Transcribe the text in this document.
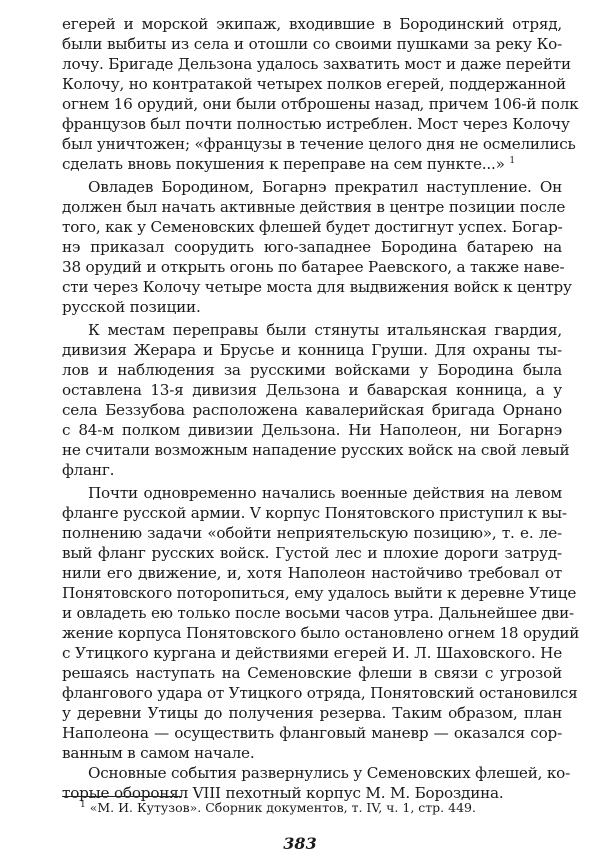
егерей и морской экипаж, входившие в Бородинский отряд,
были выбиты из села и отошли со своими пушками за реку Ко-
лочу. Бригаде Дельзона удалось захватить мост и даже перейти
Колочу, но контратакой четырех полков егерей, поддержанной
огнем 16 орудий, они были отброшены назад, причем 106-й полк
французов был почти полностью истреблен. Мост через Колочу
был уничтожен; «французы в течение целого дня не осмелились
сделать вновь покушения к переправе на сем пункте...» $^1$
Овладев Бородином, Богарнэ прекратил наступление. Он
должен был начать активные действия в центре позиции после
того, как у Семеновских флешей будет достигнут успех. Богар-
нэ приказал соорудить юго-западнее Бородина батарею на
38 орудий и открыть огонь по батарее Раевского, а также наве-
сти через Колочу четыре моста для выдвижения войск к центру
русской позиции.
К местам переправы были стянуты итальянская гвардия,
дивизия Жерара и Брусье и конница Груши. Для охраны ты-
лов и наблюдения за русскими войсками у Бородина была
оставлена 13-я дивизия Дельзона и баварская конница, а у
села Беззубова расположена кавалерийская бригада Орнано
с 84-м полком дивизии Дельзона. Ни Наполеон, ни Богарнэ
не считали возможным нападение русских войск на свой левый
фланг.
Почти одновременно начались военные действия на левом
фланге русской армии. V корпус Понятовского приступил к вы-
полнению задачи «обойти неприятельскую позицию», т. е. ле-
вый фланг русских войск. Густой лес и плохие дороги затруд-
нили его движение, и, хотя Наполеон настойчиво требовал от
Понятовского поторопиться, ему удалось выйти к деревне Утице
и овладеть ею только после восьми часов утра. Дальнейшее дви-
жение корпуса Понятовского было остановлено огнем 18 орудий
с Утицкого кургана и действиями егерей И. Л. Шаховского. Не
решаясь наступать на Семеновские флеши в связи с угрозой
флангового удара от Утицкого отряда, Понятовский остановился
у деревни Утицы до получения резерва. Таким образом, план
Наполеона — осуществить фланговый маневр — оказался сор-
ванным в самом начале.
Основные события развернулись у Семеновских флешей, ко-
торые оборонял VIII пехотный корпус М. М. Бороздина.
$^1$ «М. И. Кутузов». Сборник документов, т. IV, ч. 1, стр. 449.
383
